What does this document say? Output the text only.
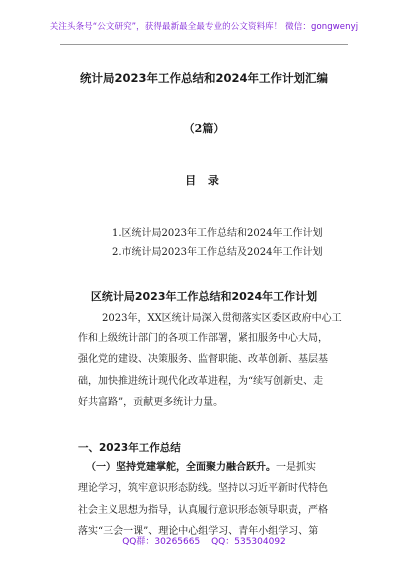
关注头条号“公文研究”，获得最新最全最专业的公文资料库！ 微信：gongwenyj
统计局2023年工作总结和2024年工作计划汇编
（2篇）
目 录
1.区统计局2023年工作总结和2024年工作计划
2.市统计局2023年工作总结及2024年工作计划
区统计局2023年工作总结和2024年工作计划
2023年，XX区统计局深入贯彻落实区委区政府中心工
作和上级统计部门的各项工作部署，紧扣服务中心大局，
强化党的建设、决策服务、监督职能、改革创新、基层基
础，加快推进统计现代化改革进程，为“续写创新史、走
好共富路”，贡献更多统计力量。
一、2023年工作总结
（一）坚持党建掌舵，全面聚力融合跃升。一是抓实
理论学习，筑牢意识形态防线。坚持以习近平新时代特色
社会主义思想为指导，认真履行意识形态领导职责，严格
落实“三会一课”、理论中心组学习、青年小组学习、第
QQ群：30265665 QQ：535304092
